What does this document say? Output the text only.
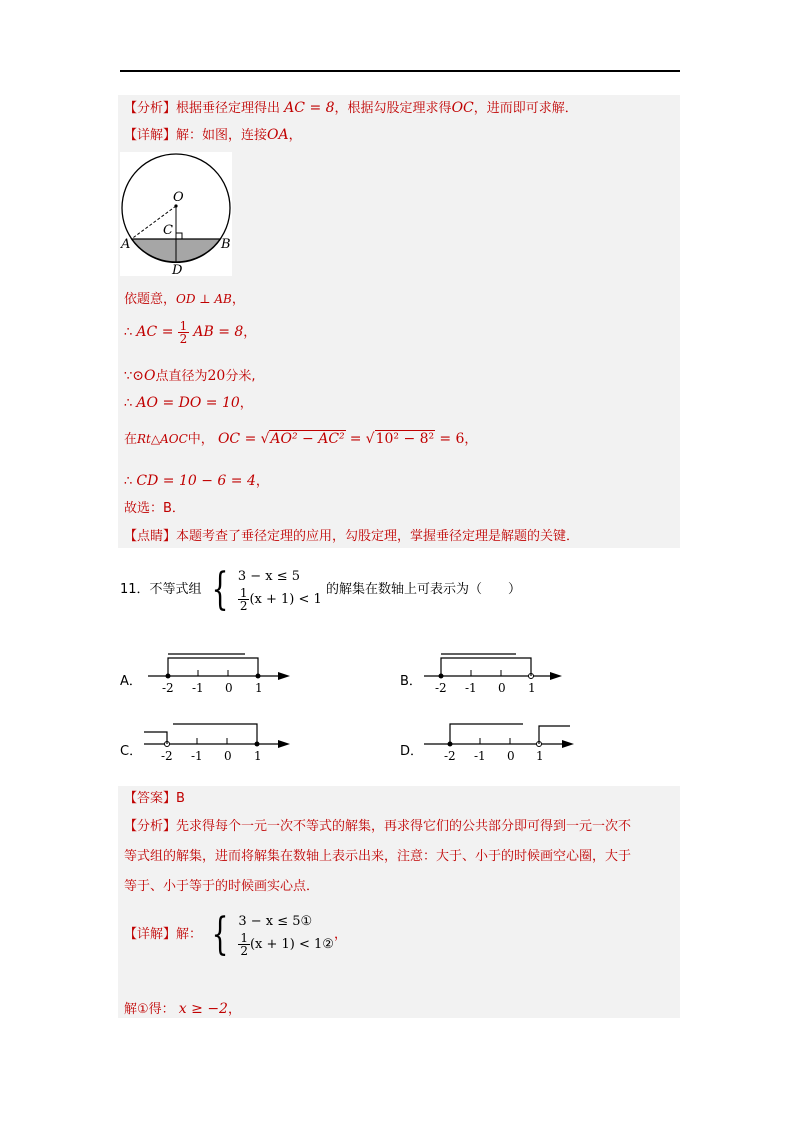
【分析】根据垂径定理得出 AC = 8，根据勾股定理求得OC，进而即可求解．
【详解】解：如图，连接OA，
O
C
A	B
D
依题意，OD ⊥ AB，
∴ AC = $\frac{1}{2}$ AB = 8，
∵⊙O点直径为20分米,
∴ AO = DO = 10，
在Rt△AOC中， OC = √AO² − AC² = √10² − 8² = 6，
∴ CD = 10 − 6 = 4，
故选：B．
【点睛】本题考查了垂径定理的应用，勾股定理，掌握垂径定理是解题的关键．
11．不等式组 { 3 − x ≤ 5
$\frac{1}{2} (x + 1) < 1$
的解集在数轴上可表示为（　　）
A． -2 -1 0 1	B． -2 -1 0 1
C． -2 -1 0 1	D． -2 -1 0 1
【答案】B
【分析】先求得每个一元一次不等式的解集，再求得它们的公共部分即可得到一元一次不
等式组的解集，进而将解集在数轴上表示出来，注意：大于、小于的时候画空心圈，大于
等于、小于等于的时候画实心点．
【详解】解： { 3 − x ≤ 5①
$\frac{1}{2} (x + 1)$ < 1②
，
解①得： x ≥ −2，
